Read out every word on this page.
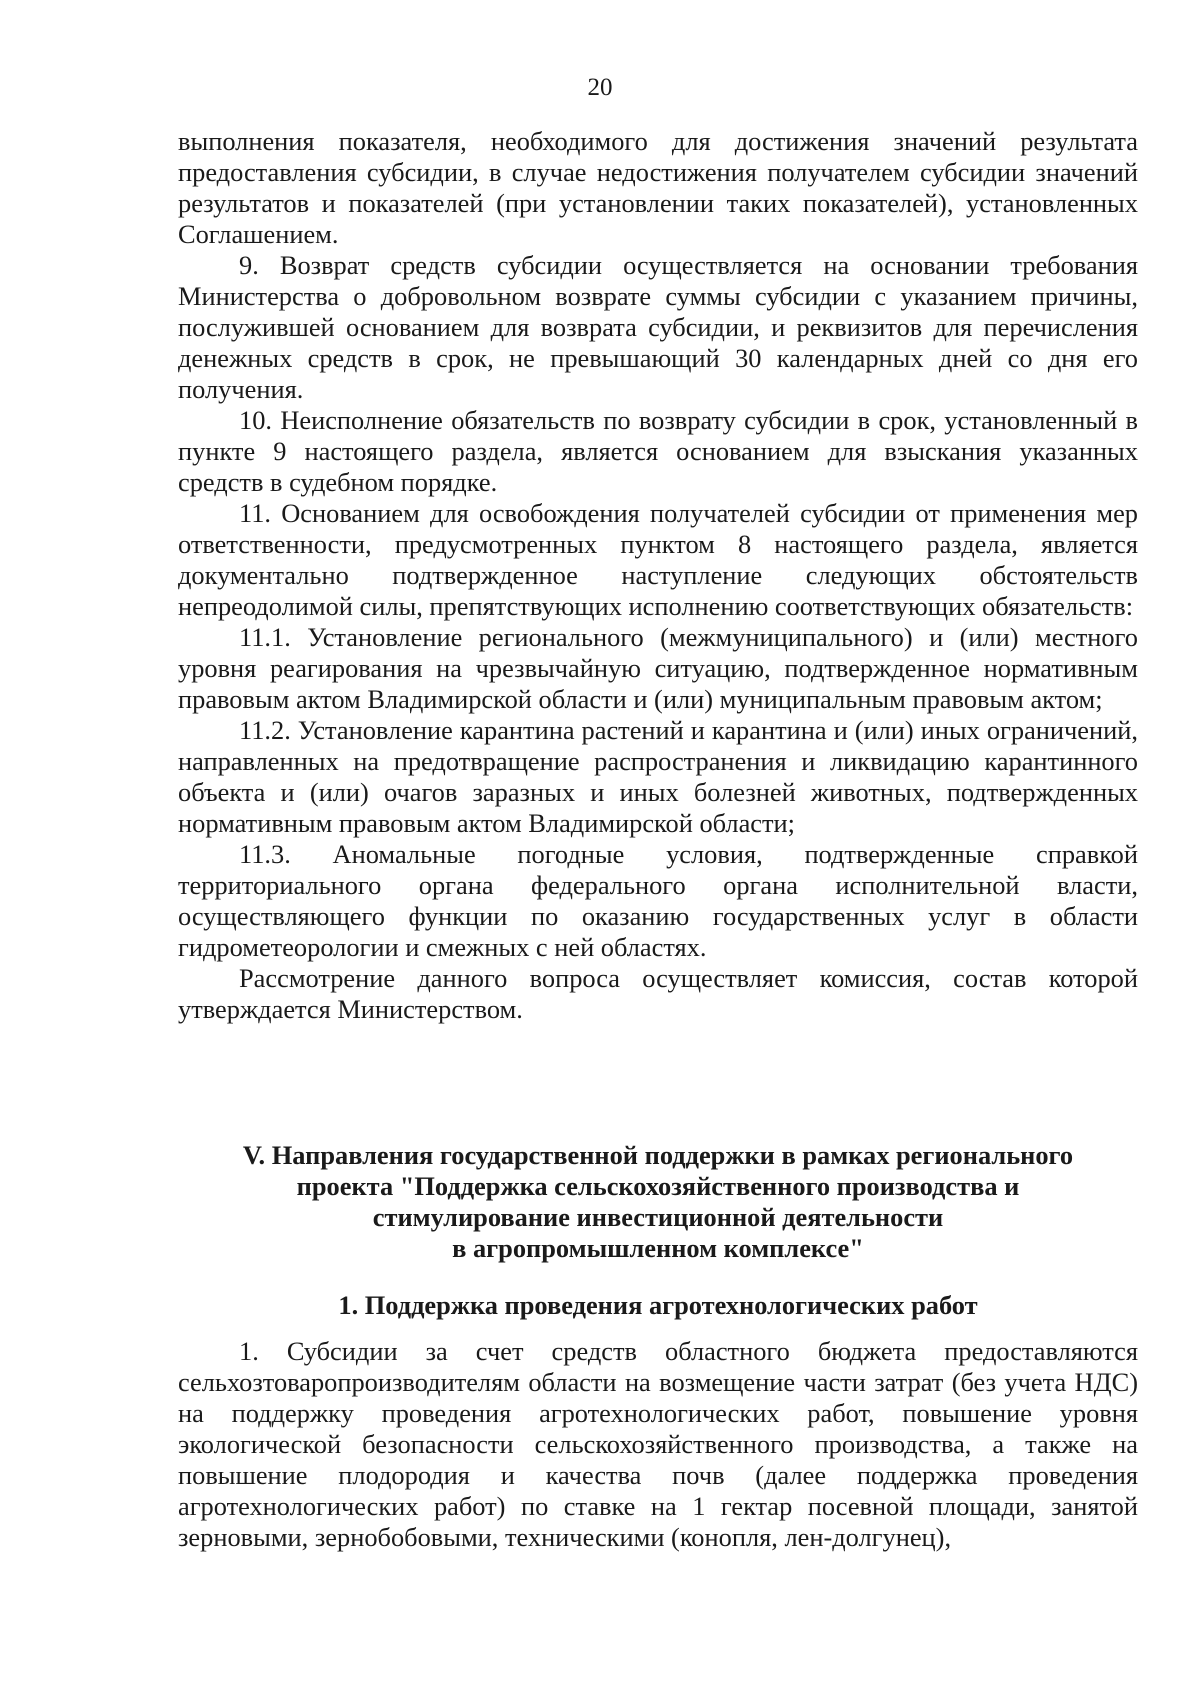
20

выполнения показателя, необходимого для достижения значений результата предоставления субсидии, в случае недостижения получателем субсидии значений результатов и показателей (при установлении таких показателей), установленных Соглашением.

9. Возврат средств субсидии осуществляется на основании требования Министерства о добровольном возврате суммы субсидии с указанием причины, послужившей основанием для возврата субсидии, и реквизитов для перечисления денежных средств в срок, не превышающий 30 календарных дней со дня его получения.

10. Неисполнение обязательств по возврату субсидии в срок, установленный в пункте 9 настоящего раздела, является основанием для взыскания указанных средств в судебном порядке.

11. Основанием для освобождения получателей субсидии от применения мер ответственности, предусмотренных пунктом 8 настоящего раздела, является документально подтвержденное наступление следующих обстоятельств непреодолимой силы, препятствующих исполнению соответствующих обязательств:

11.1. Установление регионального (межмуниципального) и (или) местного уровня реагирования на чрезвычайную ситуацию, подтвержденное нормативным правовым актом Владимирской области и (или) муниципальным правовым актом;

11.2. Установление карантина растений и карантина и (или) иных ограничений, направленных на предотвращение распространения и ликвидацию карантинного объекта и (или) очагов заразных и иных болезней животных, подтвержденных нормативным правовым актом Владимирской области;

11.3. Аномальные погодные условия, подтвержденные справкой территориального органа федерального органа исполнительной власти, осуществляющего функции по оказанию государственных услуг в области гидрометеорологии и смежных с ней областях.

Рассмотрение данного вопроса осуществляет комиссия, состав которой утверждается Министерством.

V. Направления государственной поддержки в рамках регионального
проекта "Поддержка сельскохозяйственного производства и
стимулирование инвестиционной деятельности
в агропромышленном комплексе"
1. Поддержка проведения агротехнологических работ

1. Субсидии за счет средств областного бюджета предоставляются сельхозтоваропроизводителям области на возмещение части затрат (без учета НДС) на поддержку проведения агротехнологических работ, повышение уровня экологической безопасности сельскохозяйственного производства, а также на повышение плодородия и качества почв (далее поддержка проведения агротехнологических работ) по ставке на 1 гектар посевной площади, занятой зерновыми, зернобобовыми, техническими (конопля, лен-долгунец),
